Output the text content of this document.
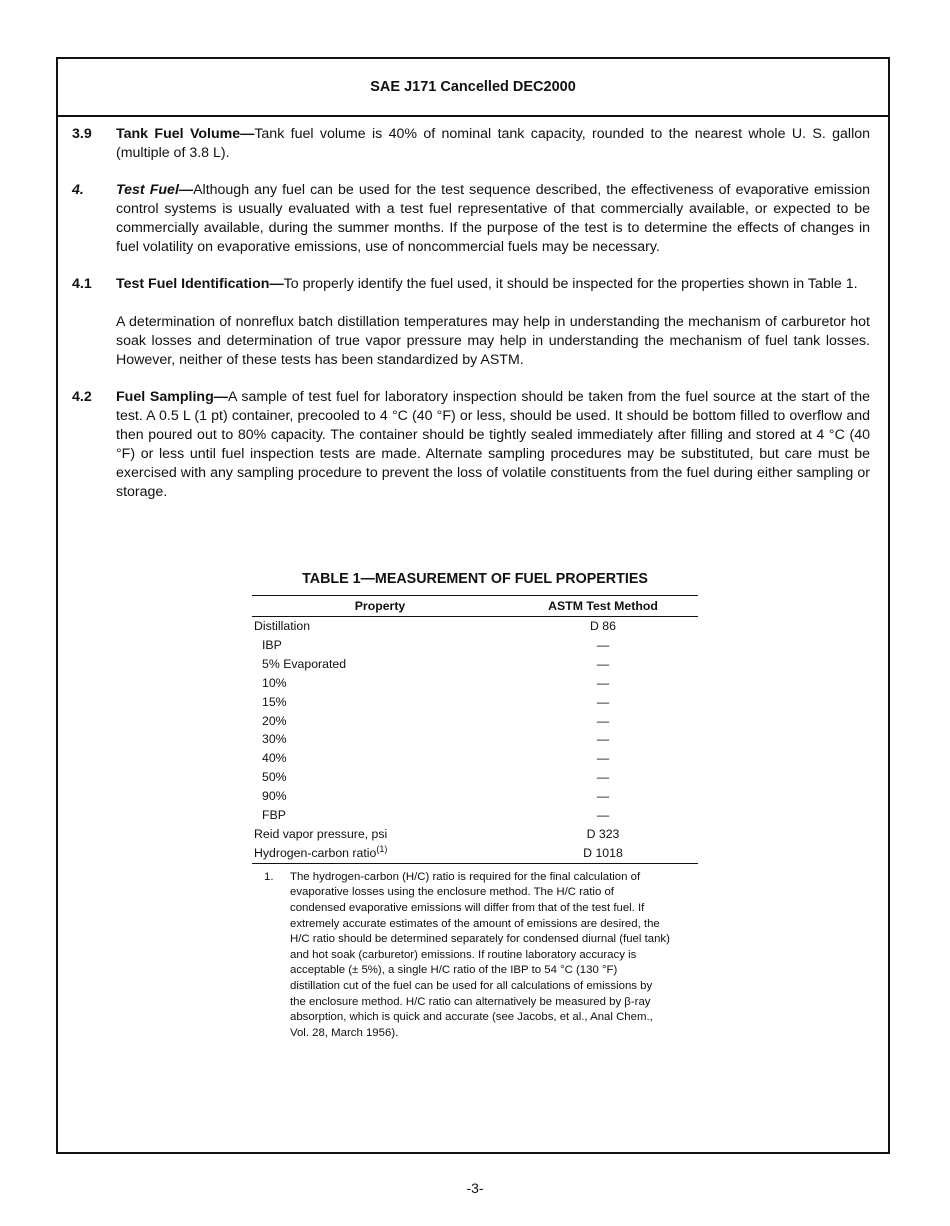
SAE J171 Cancelled DEC2000
3.9	Tank Fuel Volume—Tank fuel volume is 40% of nominal tank capacity, rounded to the nearest whole U. S. gallon (multiple of 3.8 L).

4.	Test Fuel—Although any fuel can be used for the test sequence described, the effectiveness of evaporative emission control systems is usually evaluated with a test fuel representative of that commercially available, or expected to be commercially available, during the summer months. If the purpose of the test is to determine the effects of changes in fuel volatility on evaporative emissions, use of noncommercial fuels may be necessary.

4.1	Test Fuel Identification—To properly identify the fuel used, it should be inspected for the properties shown in Table 1.

A determination of nonreflux batch distillation temperatures may help in understanding the mechanism of carburetor hot soak losses and determination of true vapor pressure may help in understanding the mechanism of fuel tank losses. However, neither of these tests has been standardized by ASTM.

4.2	Fuel Sampling—A sample of test fuel for laboratory inspection should be taken from the fuel source at the start of the test. A 0.5 L (1 pt) container, precooled to 4 °C (40 °F) or less, should be used. It should be bottom filled to overflow and then poured out to 80% capacity. The container should be tightly sealed immediately after filling and stored at 4 °C (40 °F) or less until fuel inspection tests are made. Alternate sampling procedures may be substituted, but care must be exercised with any sampling procedure to prevent the loss of volatile constituents from the fuel during either sampling or storage.

TABLE 1—MEASUREMENT OF FUEL PROPERTIES
Property	ASTM Test Method
Distillation	D 86
IBP	—
5% Evaporated	—
10%	—
15%	—
20%	—
30%	—
40%	—
50%	—
90%	—
FBP	—
Reid vapor pressure, psi	D 323
Hydrogen-carbon ratio$^{(1)}$	D 1018
1.	The hydrogen-carbon (H/C) ratio is required for the final calculation of evaporative losses using the enclosure method. The H/C ratio of condensed evaporative emissions will differ from that of the test fuel. If extremely accurate estimates of the amount of emissions are desired, the H/C ratio should be determined separately for condensed diurnal (fuel tank) and hot soak (carburetor) emissions. If routine laboratory accuracy is acceptable (± 5%), a single H/C ratio of the IBP to 54 °C (130 °F) distillation cut of the fuel can be used for all calculations of emissions by the enclosure method. H/C ratio can alternatively be measured by β-ray absorption, which is quick and accurate (see Jacobs, et al., Anal Chem., Vol. 28, March 1956).
-3-
